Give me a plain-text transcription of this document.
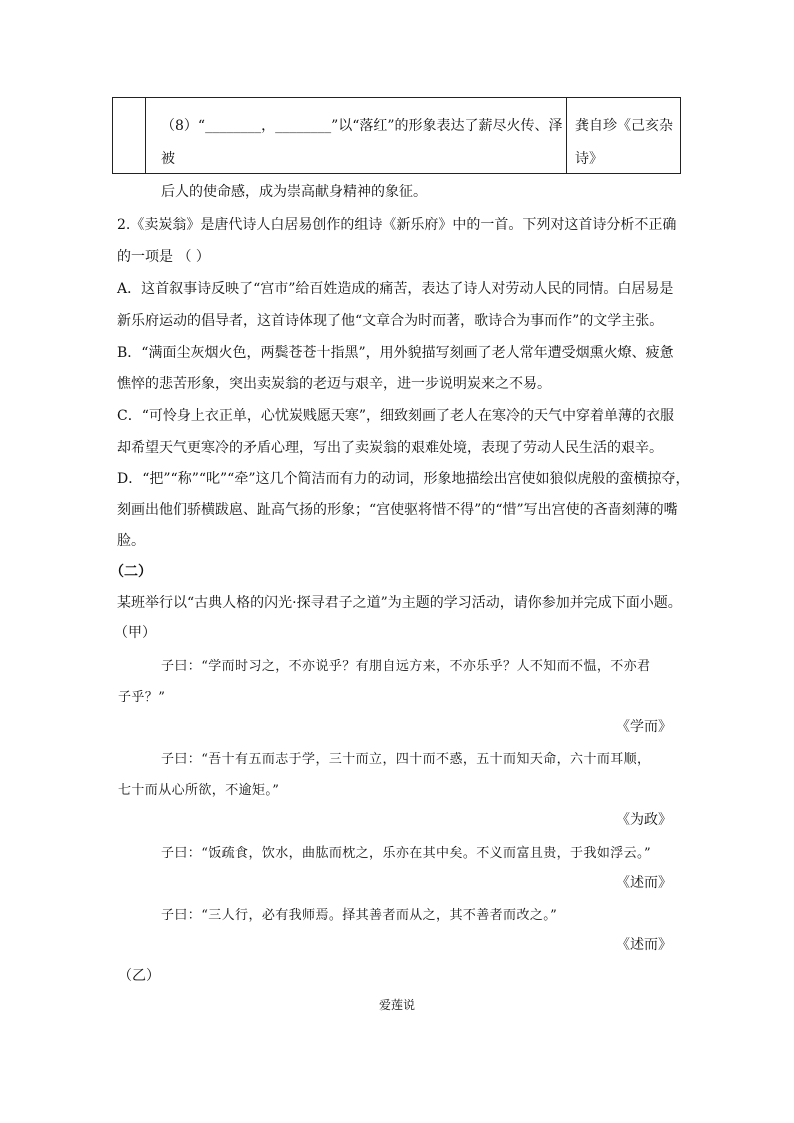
（8）“________，________”以“落红”的形象表达了薪尽火传、泽被
后人的使命感，成为崇高献身精神的象征。
龚自珍《己亥杂
诗》
2.《卖炭翁》是唐代诗人白居易创作的组诗《新乐府》中的一首。下列对这首诗分析不正确
的一项是 （ ）
A．这首叙事诗反映了“宫市”给百姓造成的痛苦，表达了诗人对劳动人民的同情。白居易是
新乐府运动的倡导者，这首诗体现了他“文章合为时而著，歌诗合为事而作”的文学主张。
B．“满面尘灰烟火色，两鬓苍苍十指黑”，用外貌描写刻画了老人常年遭受烟熏火燎、疲惫
憔悴的悲苦形象，突出卖炭翁的老迈与艰辛，进一步说明炭来之不易。
C．“可怜身上衣正单，心忧炭贱愿天寒”，细致刻画了老人在寒冷的天气中穿着单薄的衣服
却希望天气更寒冷的矛盾心理，写出了卖炭翁的艰难处境，表现了劳动人民生活的艰辛。
D．“把”“称”“叱”“牵”这几个简洁而有力的动词，形象地描绘出宫使如狼似虎般的蛮横掠夺，
刻画出他们骄横跋扈、趾高气扬的形象；“宫使驱将惜不得”的“惜”写出宫使的吝啬刻薄的嘴
脸。
（二）
某班举行以“古典人格的闪光·探寻君子之道”为主题的学习活动，请你参加并完成下面小题。
（甲）
子曰：“学而时习之，不亦说乎？有朋自远方来，不亦乐乎？人不知而不愠，不亦君
子乎？”
《学而》
子曰：“吾十有五而志于学，三十而立，四十而不惑，五十而知天命，六十而耳顺，
七十而从心所欲，不逾矩。”
《为政》
子曰：“饭疏食，饮水，曲肱而枕之，乐亦在其中矣。不义而富且贵，于我如浮云。”
《述而》
子曰：“三人行，必有我师焉。择其善者而从之，其不善者而改之。”
《述而》
（乙）
爱莲说
